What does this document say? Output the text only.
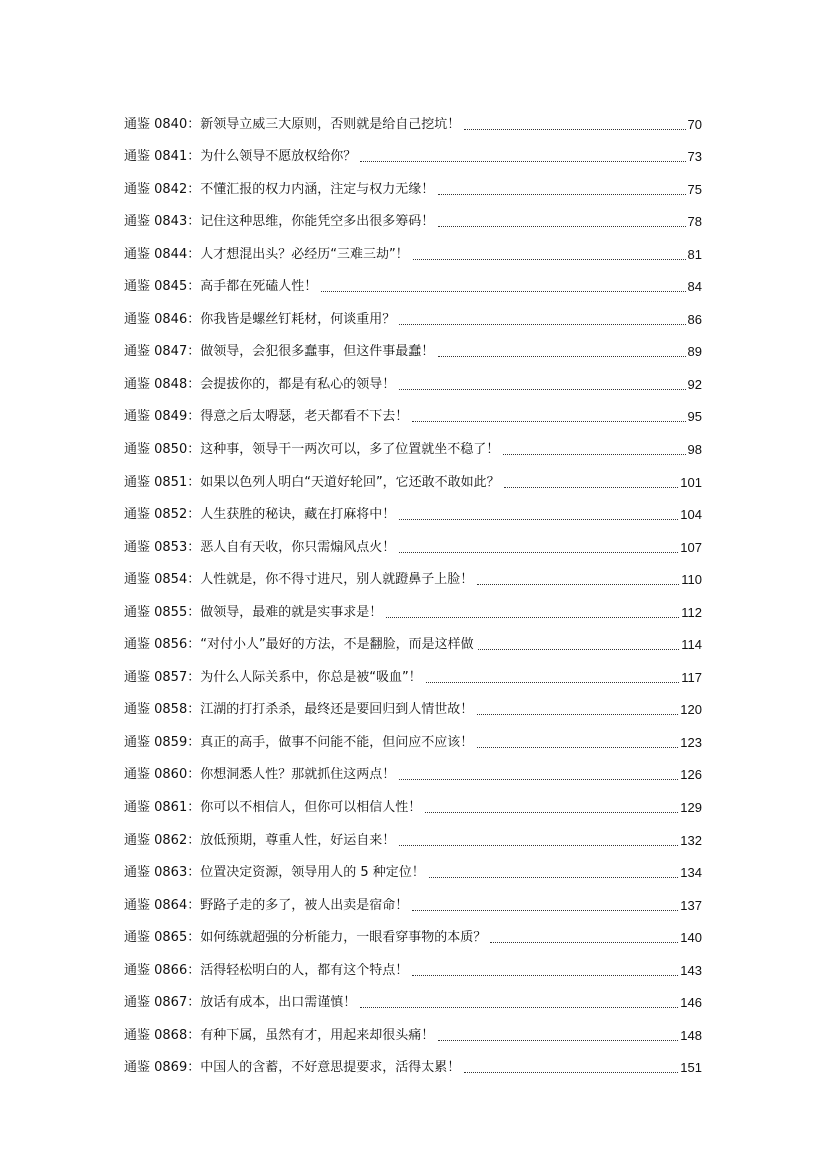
通鉴 0840：新领导立威三大原则，否则就是给自己挖坑！	70
通鉴 0841：为什么领导不愿放权给你？	73
通鉴 0842：不懂汇报的权力内涵，注定与权力无缘！	75
通鉴 0843：记住这种思维，你能凭空多出很多筹码！	78
通鉴 0844：人才想混出头？必经历“三难三劫”！	81
通鉴 0845：高手都在死磕人性！	84
通鉴 0846：你我皆是螺丝钉耗材，何谈重用？	86
通鉴 0847：做领导，会犯很多蠢事，但这件事最蠢！	89
通鉴 0848：会提拔你的，都是有私心的领导！	92
通鉴 0849：得意之后太嘚瑟，老天都看不下去！	95
通鉴 0850：这种事，领导干一两次可以，多了位置就坐不稳了！	98
通鉴 0851：如果以色列人明白“天道好轮回”，它还敢不敢如此？	101
通鉴 0852：人生获胜的秘诀，藏在打麻将中！	104
通鉴 0853：恶人自有天收，你只需煽风点火！	107
通鉴 0854：人性就是，你不得寸进尺，别人就蹬鼻子上脸！	110
通鉴 0855：做领导，最难的就是实事求是！	112
通鉴 0856：“对付小人”最好的方法，不是翻脸，而是这样做	114
通鉴 0857：为什么人际关系中，你总是被“吸血”！	117
通鉴 0858：江湖的打打杀杀，最终还是要回归到人情世故！	120
通鉴 0859：真正的高手，做事不问能不能，但问应不应该！	123
通鉴 0860：你想洞悉人性？那就抓住这两点！	126
通鉴 0861：你可以不相信人，但你可以相信人性！	129
通鉴 0862：放低预期，尊重人性，好运自来！	132
通鉴 0863：位置决定资源，领导用人的 5 种定位！	134
通鉴 0864：野路子走的多了，被人出卖是宿命！	137
通鉴 0865：如何练就超强的分析能力，一眼看穿事物的本质？	140
通鉴 0866：活得轻松明白的人，都有这个特点！	143
通鉴 0867：放话有成本，出口需谨慎！	146
通鉴 0868：有种下属，虽然有才，用起来却很头痛！	148
通鉴 0869：中国人的含蓄，不好意思提要求，活得太累！	151
